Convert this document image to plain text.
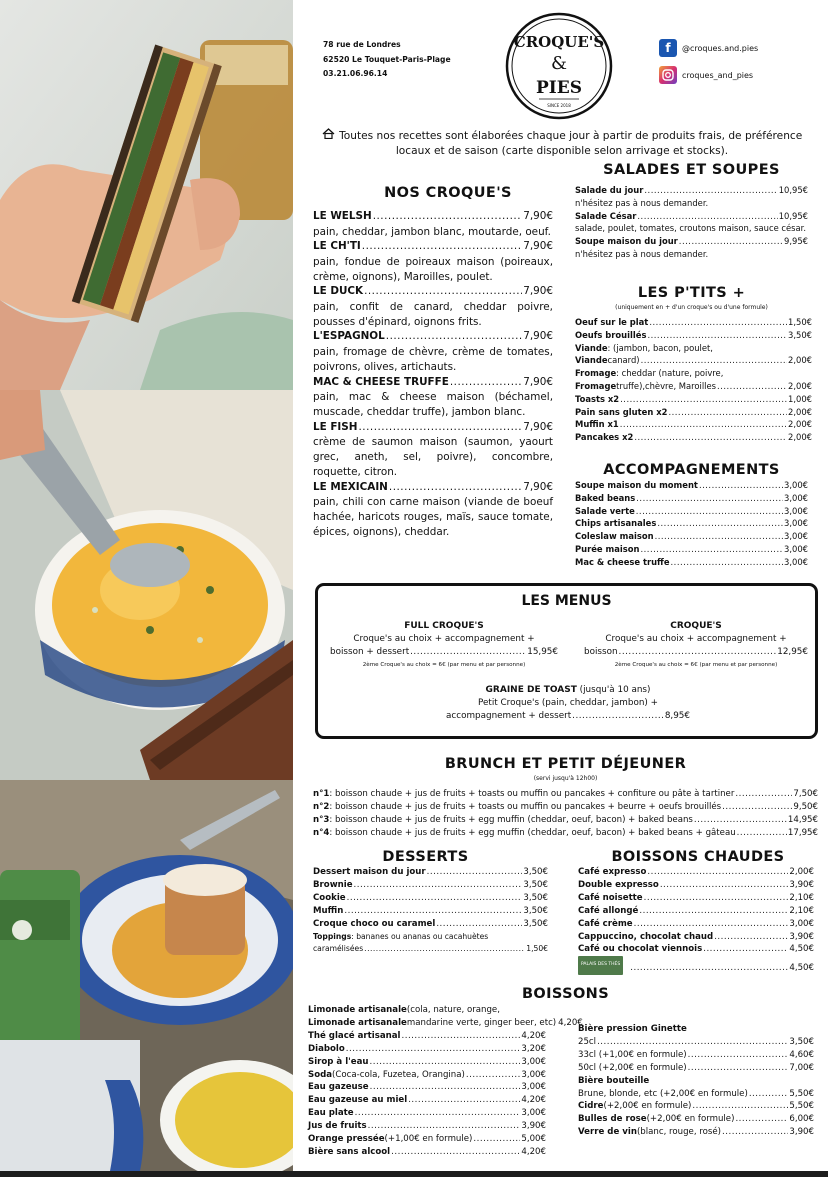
78 rue de Londres
62520 Le Touquet-Paris-Plage
03.21.06.96.14
CROQUE'S
&
PIES
SINCE 2018
f	@croques.and.pies
croques_and_pies
Toutes nos recettes sont élaborées chaque jour à partir de produits frais, de préférence locaux et de saison (carte disponible selon arrivage et stocks).
NOS CROQUE'S
LE WELSH .....	7,90€
pain, cheddar, jambon blanc, moutarde, oeuf.
LE CH'TI .....	7,90€
pain, fondue de poireaux maison (poireaux, crème, oignons), Maroilles, poulet.
LE DUCK .....	7,90€
pain, confit de canard, cheddar poivre, pousses d'épinard, oignons frits.
L'ESPAGNOL .....	7,90€
pain, fromage de chèvre, crème de tomates, poivrons, olives, artichauts.
MAC & CHEESE TRUFFE .....	7,90€
pain, mac & cheese maison (béchamel, muscade, cheddar truffe), jambon blanc.
LE FISH .....	7,90€
crème de saumon maison (saumon, yaourt grec, aneth, sel, poivre), concombre, roquette, citron.
LE MEXICAIN .....	7,90€
pain, chili con carne maison (viande de boeuf hachée, haricots rouges, maïs, sauce tomate, épices, oignons), cheddar.
SALADES ET SOUPES
Salade du jour .....	10,95€
n'hésitez pas à nous demander.
Salade César .....	10,95€
salade, poulet, tomates, croutons maison, sauce césar.
Soupe maison du jour .....	9,95€
n'hésitez pas à nous demander.
LES P'TITS +
(uniquement en + d'un croque's ou d'une formule)
Oeuf sur le plat .....	1,50€
Oeufs brouillés .....	3,50€
Viande : (jambon, bacon, poulet,
Viande canard) .....	2,00€
Fromage : cheddar (nature, poivre,
Fromage truffe),chèvre, Maroilles .....	2,00€
Toasts x2 .....	1,00€
Pain sans gluten x2 .....	2,00€
Muffin x1 .....	2,00€
Pancakes x2 .....	2,00€
ACCOMPAGNEMENTS
Soupe maison du moment .....	3,00€
Baked beans .....	3,00€
Salade verte .....	3,00€
Chips artisanales .....	3,00€
Coleslaw maison .....	3,00€
Purée maison .....	3,00€
Mac & cheese truffe .....	3,00€
LES MENUS
FULL CROQUE'S
Croque's au choix + accompagnement +
boisson + dessert .....	15,95€
2ème Croque's au choix = 6€ (par menu et par personne)
CROQUE'S
Croque's au choix + accompagnement +
boisson .....	12,95€
2ème Croque's au choix = 6€ (par menu et par personne)
GRAINE DE TOAST (jusqu'à 10 ans)
Petit Croque's (pain, cheddar, jambon) +
accompagnement + dessert .....	8,95€
BRUNCH ET PETIT DÉJEUNER
(servi jusqu'à 12h00)
n°1 : boisson chaude + jus de fruits + toasts ou muffin ou pancakes + confiture ou pâte à tartiner .....	7,50€
n°2 : boisson chaude + jus de fruits + toasts ou muffin ou pancakes + beurre + oeufs brouillés .....	9,50€
n°3 : boisson chaude + jus de fruits + egg muffin (cheddar, oeuf, bacon) + baked beans .....	14,95€
n°4 : boisson chaude + jus de fruits + egg muffin (cheddar, oeuf, bacon) + baked beans + gâteau .....	17,95€
DESSERTS
Dessert maison du jour .....	3,50€
Brownie .....	3,50€
Cookie .....	3,50€
Muffin .....	3,50€
Croque choco ou caramel .....	3,50€
Toppings : bananes ou ananas ou cacahuètes
caramélisées .....	1,50€
BOISSONS CHAUDES
Café expresso .....	2,00€
Double expresso .....	3,90€
Café noisette .....	2,10€
Café allongé .....	2,10€
Café crème .....	3,00€
Cappuccino, chocolat chaud .....	3,90€
Café ou chocolat viennois .....	4,50€
PALAIS DES THÉS .....	4,50€
BOISSONS
Limonade artisanale (cola, nature, orange,
Limonade artisanale mandarine verte, ginger beer, etc) 4,20€
Thé glacé artisanal .....	4,20€
Diabolo .....	3,20€
Sirop à l'eau .....	3,00€
Soda (Coca-cola, Fuzetea, Orangina) .....	3,00€
Eau gazeuse .....	3,00€
Eau gazeuse au miel .....	4,20€
Eau plate .....	3,00€
Jus de fruits .....	3,90€
Orange pressée (+1,00€ en formule) .....	5,00€
Bière sans alcool .....	4,20€
Bière pression Ginette
25cl .....	3,50€
33cl (+1,00€ en formule) .....	4,60€
50cl (+2,00€ en formule) .....	7,00€
Bière bouteille
Brune, blonde, etc (+2,00€ en formule) .....	5,50€
Cidre (+2,00€ en formule) .....	5,50€
Bulles de rose (+2,00€ en formule) .....	6,00€
Verre de vin (blanc, rouge, rosé) .....	3,90€
